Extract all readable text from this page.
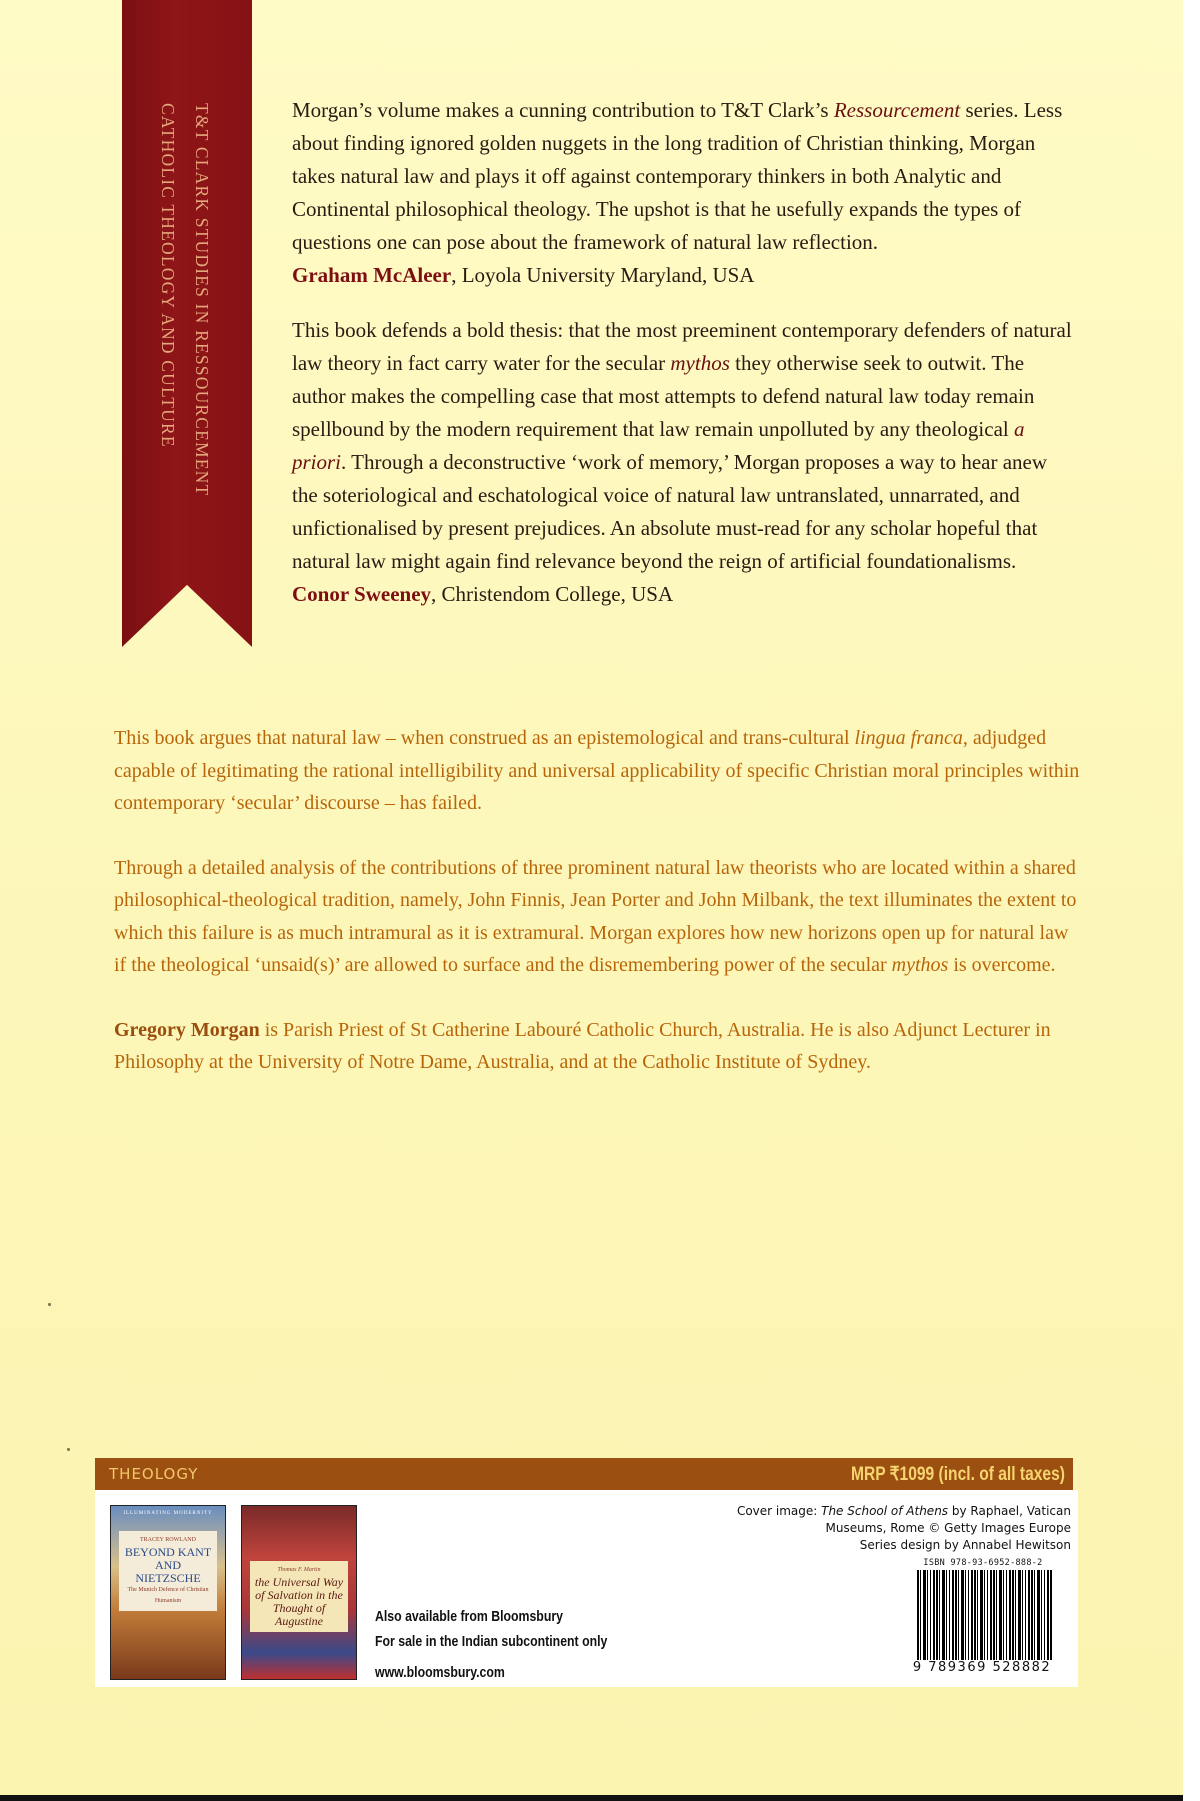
T&T CLARK STUDIES IN RESSOURCEMENT
CATHOLIC THEOLOGY AND CULTURE	Morgan’s volume makes a cunning contribution to T&T Clark’s Ressourcement series. Less about finding ignored golden nuggets in the long tradition of Christian thinking, Morgan takes natural law and plays it off against contemporary thinkers in both Analytic and Continental philosophical theology. The upshot is that he usefully expands the types of questions one can pose about the framework of natural law reflection.

Graham McAleer, Loyola University Maryland, USA

This book defends a bold thesis: that the most preeminent contemporary defenders of natural law theory in fact carry water for the secular mythos they otherwise seek to outwit. The author makes the compelling case that most attempts to defend natural law today remain spellbound by the modern requirement that law remain unpolluted by any theological a priori. Through a deconstructive ‘work of memory,’ Morgan proposes a way to hear anew the soteriological and eschatological voice of natural law untranslated, unnarrated, and unfictionalised by present prejudices. An absolute must-read for any scholar hopeful that natural law might again find relevance beyond the reign of artificial foundationalisms.

Conor Sweeney, Christendom College, USA

This book argues that natural law – when construed as an epistemological and trans-cultural lingua franca, adjudged capable of legitimating the rational intelligibility and universal applicability of specific Christian moral principles within contemporary ‘secular’ discourse – has failed.

Through a detailed analysis of the contributions of three prominent natural law theorists who are located within a shared philosophical-theological tradition, namely, John Finnis, Jean Porter and John Milbank, the text illuminates the extent to which this failure is as much intramural as it is extramural. Morgan explores how new horizons open up for natural law if the theological ‘unsaid(s)’ are allowed to surface and the disremembering power of the secular mythos is overcome.

Gregory Morgan is Parish Priest of St Catherine Labouré Catholic Church, Australia. He is also Adjunct Lecturer in Philosophy at the University of Notre Dame, Australia, and at the Catholic Institute of Sydney.

THEOLOGY	MRP ₹1099 (incl. of all taxes)
ILLUMINATING MODERNITY
TRACEY ROWLAND
BEYOND KANT AND NIETZSCHE
The Munich Defence of Christian Humanism
Thomas F. Martin
the Universal Way of Salvation in the Thought of Augustine	Also available from Bloomsbury
For sale in the Indian subcontinent only
www.bloomsbury.com
Cover image: The School of Athens by Raphael, Vatican
Museums, Rome © Getty Images Europe
Series design by Annabel Hewitson
ISBN 978-93-6952-888-2
9 789369 528882
